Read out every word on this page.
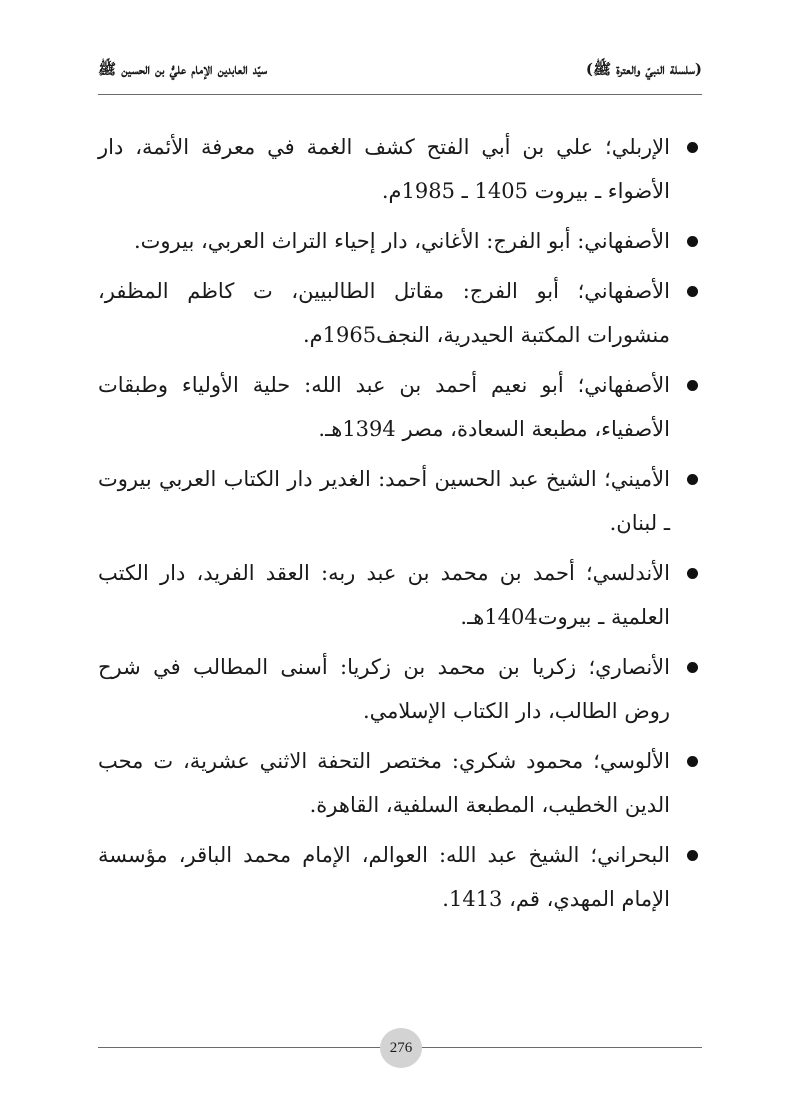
(سلسلة النبيّ والعترة ﷺ)
سيّد العابدين الإمام عليُّ بن الحسين ﷺ
الإربلي؛ علي بن أبي الفتح كشف الغمة في معرفة الأئمة، دار الأضواء ـ بيروت 1405 ـ 1985م.
الأصفهاني: أبو الفرج: الأغاني، دار إحياء التراث العربي، بيروت.
الأصفهاني؛ أبو الفرج: مقاتل الطالبيين، ت كاظم المظفر، منشورات المكتبة الحيدرية، النجف1965م.
الأصفهاني؛ أبو نعيم أحمد بن عبد الله: حلية الأولياء وطبقات الأصفياء، مطبعة السعادة، مصر 1394هـ.
الأميني؛ الشيخ عبد الحسين أحمد: الغدير دار الكتاب العربي بيروت ـ لبنان.
الأندلسي؛ أحمد بن محمد بن عبد ربه: العقد الفريد، دار الكتب العلمية ـ بيروت1404هـ.
الأنصاري؛ زكريا بن محمد بن زكريا: أسنى المطالب في شرح روض الطالب، دار الكتاب الإسلامي.
الألوسي؛ محمود شكري: مختصر التحفة الاثني عشرية، ت محب الدين الخطيب، المطبعة السلفية، القاهرة.
البحراني؛ الشيخ عبد الله: العوالم، الإمام محمد الباقر، مؤسسة الإمام المهدي، قم، 1413.
276
